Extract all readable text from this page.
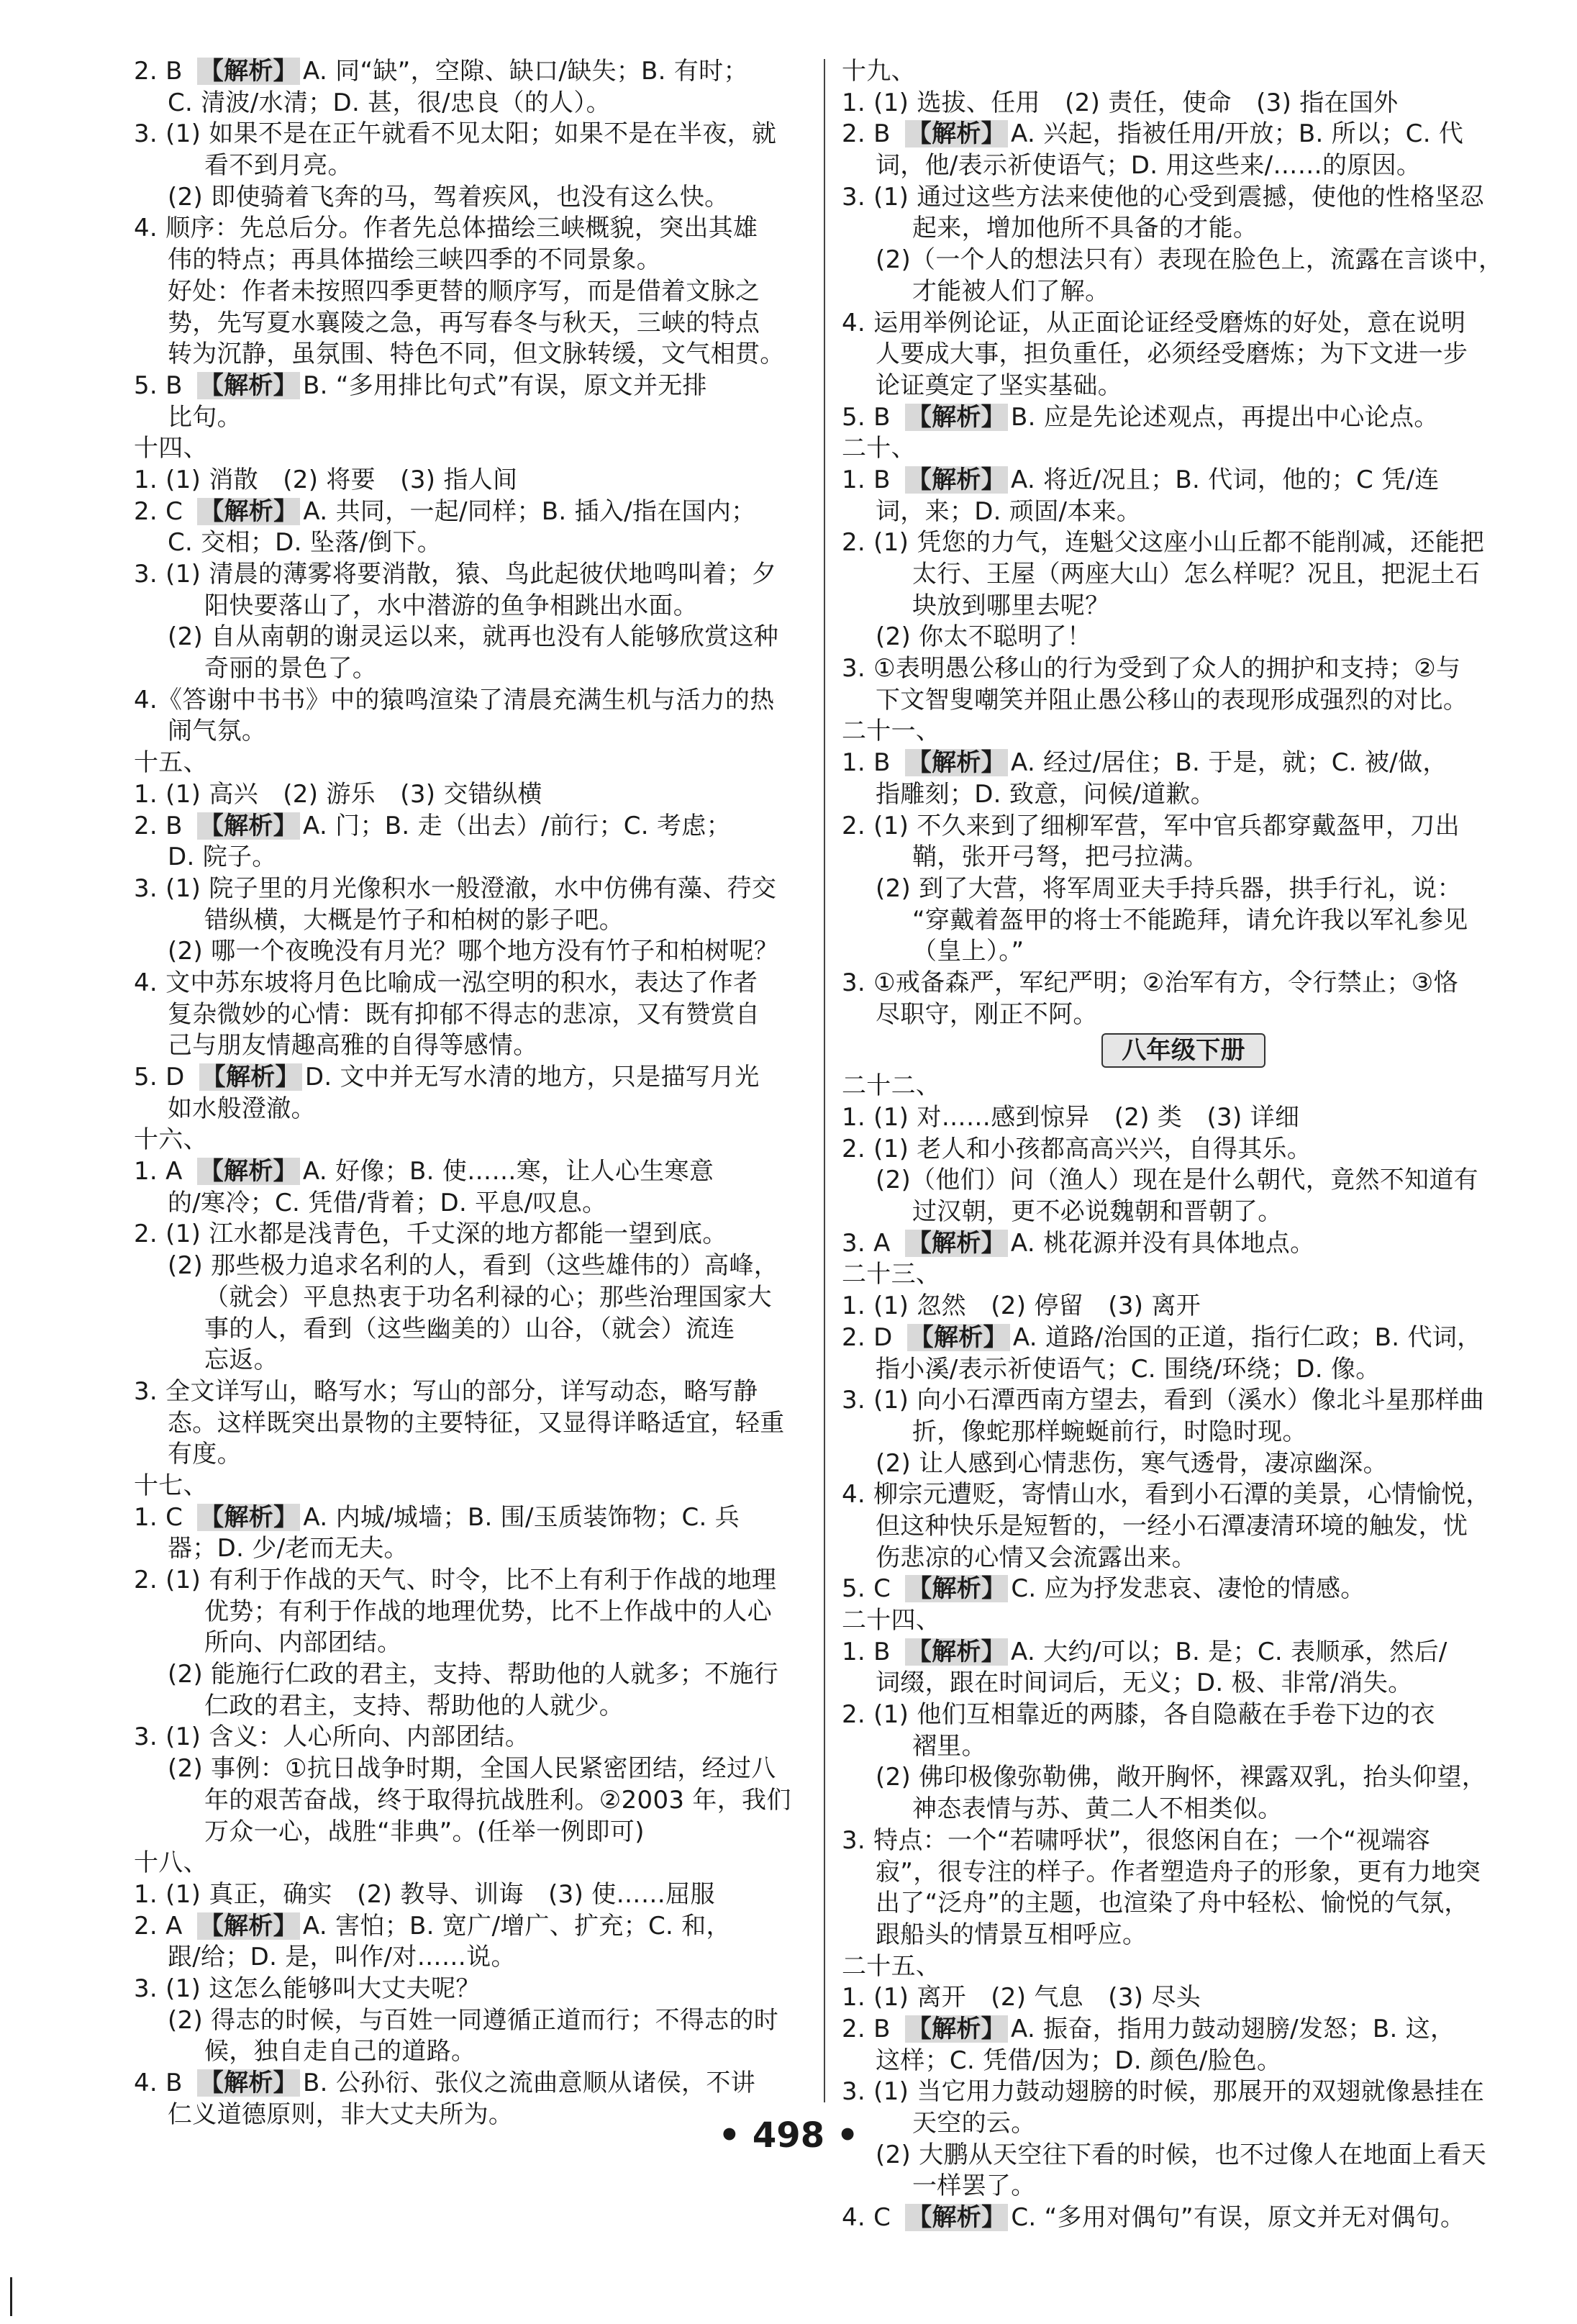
2. B 【解析】 A. 同“缺”，空隙、缺口/缺失；B. 有时；
C. 清波/水清；D. 甚，很/忠良（的人）。
3. (1) 如果不是在正午就看不见太阳；如果不是在半夜，就
看不到月亮。
(2) 即使骑着飞奔的马，驾着疾风，也没有这么快。
4. 顺序：先总后分。作者先总体描绘三峡概貌，突出其雄
伟的特点；再具体描绘三峡四季的不同景象。
好处：作者未按照四季更替的顺序写，而是借着文脉之
势，先写夏水襄陵之急，再写春冬与秋天，三峡的特点
转为沉静，虽氛围、特色不同，但文脉转缓，文气相贯。
5. B 【解析】 B. “多用排比句式”有误，原文并无排
比句。
十四、
1. (1) 消散　(2) 将要　(3) 指人间
2. C 【解析】 A. 共同，一起/同样；B. 插入/指在国内；
C. 交相；D. 坠落/倒下。
3. (1) 清晨的薄雾将要消散，猿、鸟此起彼伏地鸣叫着；夕
阳快要落山了，水中潜游的鱼争相跳出水面。
(2) 自从南朝的谢灵运以来，就再也没有人能够欣赏这种
奇丽的景色了。
4.《答谢中书书》中的猿鸣渲染了清晨充满生机与活力的热
闹气氛。
十五、
1. (1) 高兴　(2) 游乐　(3) 交错纵横
2. B 【解析】 A. 门；B. 走（出去）/前行；C. 考虑；
D. 院子。
3. (1) 院子里的月光像积水一般澄澈，水中仿佛有藻、荇交
错纵横，大概是竹子和柏树的影子吧。
(2) 哪一个夜晚没有月光？哪个地方没有竹子和柏树呢？
4. 文中苏东坡将月色比喻成一泓空明的积水，表达了作者
复杂微妙的心情：既有抑郁不得志的悲凉，又有赞赏自
己与朋友情趣高雅的自得等感情。
5. D 【解析】 D. 文中并无写水清的地方，只是描写月光
如水般澄澈。
十六、
1. A 【解析】 A. 好像；B. 使……寒，让人心生寒意
的/寒冷；C. 凭借/背着；D. 平息/叹息。
2. (1) 江水都是浅青色，千丈深的地方都能一望到底。
(2) 那些极力追求名利的人，看到（这些雄伟的）高峰，
（就会）平息热衷于功名利禄的心；那些治理国家大
事的人，看到（这些幽美的）山谷，（就会）流连
忘返。
3. 全文详写山，略写水；写山的部分，详写动态，略写静
态。这样既突出景物的主要特征，又显得详略适宜，轻重
有度。
十七、
1. C 【解析】 A. 内城/城墙；B. 围/玉质装饰物；C. 兵
器；D. 少/老而无夫。
2. (1) 有利于作战的天气、时令，比不上有利于作战的地理
优势；有利于作战的地理优势，比不上作战中的人心
所向、内部团结。
(2) 能施行仁政的君主，支持、帮助他的人就多；不施行
仁政的君主，支持、帮助他的人就少。
3. (1) 含义：人心所向、内部团结。
(2) 事例：①抗日战争时期，全国人民紧密团结，经过八
年的艰苦奋战，终于取得抗战胜利。②2003 年，我们
万众一心，战胜“非典”。(任举一例即可)
十八、
1. (1) 真正，确实　(2) 教导、训诲　(3) 使……屈服
2. A 【解析】 A. 害怕；B. 宽广/增广、扩充；C. 和，
跟/给；D. 是，叫作/对……说。
3. (1) 这怎么能够叫大丈夫呢？
(2) 得志的时候，与百姓一同遵循正道而行；不得志的时
候，独自走自己的道路。
4. B 【解析】 B. 公孙衍、张仪之流曲意顺从诸侯，不讲
仁义道德原则，非大丈夫所为。
十九、
1. (1) 选拔、任用　(2) 责任，使命　(3) 指在国外
2. B 【解析】 A. 兴起，指被任用/开放；B. 所以；C. 代
词，他/表示祈使语气；D. 用这些来/……的原因。
3. (1) 通过这些方法来使他的心受到震撼，使他的性格坚忍
起来，增加他所不具备的才能。
(2)（一个人的想法只有）表现在脸色上，流露在言谈中，
才能被人们了解。
4. 运用举例论证，从正面论证经受磨炼的好处，意在说明
人要成大事，担负重任，必须经受磨炼；为下文进一步
论证奠定了坚实基础。
5. B 【解析】 B. 应是先论述观点，再提出中心论点。
二十、
1. B 【解析】 A. 将近/况且；B. 代词，他的；C 凭/连
词，来；D. 顽固/本来。
2. (1) 凭您的力气，连魁父这座小山丘都不能削减，还能把
太行、王屋（两座大山）怎么样呢？况且，把泥土石
块放到哪里去呢？
(2) 你太不聪明了！
3. ①表明愚公移山的行为受到了众人的拥护和支持；②与
下文智叟嘲笑并阻止愚公移山的表现形成强烈的对比。
二十一、
1. B 【解析】 A. 经过/居住；B. 于是，就；C. 被/做，
指雕刻；D. 致意，问候/道歉。
2. (1) 不久来到了细柳军营，军中官兵都穿戴盔甲，刀出
鞘，张开弓弩，把弓拉满。
(2) 到了大营，将军周亚夫手持兵器，拱手行礼，说：
“穿戴着盔甲的将士不能跪拜，请允许我以军礼参见
（皇上）。”
3. ①戒备森严，军纪严明；②治军有方，令行禁止；③恪
尽职守，刚正不阿。
八年级下册
二十二、
1. (1) 对……感到惊异　(2) 类　(3) 详细
2. (1) 老人和小孩都高高兴兴，自得其乐。
(2)（他们）问（渔人）现在是什么朝代，竟然不知道有
过汉朝，更不必说魏朝和晋朝了。
3. A 【解析】 A. 桃花源并没有具体地点。
二十三、
1. (1) 忽然　(2) 停留　(3) 离开
2. D 【解析】 A. 道路/治国的正道，指行仁政；B. 代词，
指小溪/表示祈使语气；C. 围绕/环绕；D. 像。
3. (1) 向小石潭西南方望去，看到（溪水）像北斗星那样曲
折，像蛇那样蜿蜒前行，时隐时现。
(2) 让人感到心情悲伤，寒气透骨，凄凉幽深。
4. 柳宗元遭贬，寄情山水，看到小石潭的美景，心情愉悦，
但这种快乐是短暂的，一经小石潭凄清环境的触发，忧
伤悲凉的心情又会流露出来。
5. C 【解析】 C. 应为抒发悲哀、凄怆的情感。
二十四、
1. B 【解析】 A. 大约/可以；B. 是；C. 表顺承，然后/
词缀，跟在时间词后，无义；D. 极、非常/消失。
2. (1) 他们互相靠近的两膝，各自隐蔽在手卷下边的衣
褶里。
(2) 佛印极像弥勒佛，敞开胸怀，裸露双乳，抬头仰望，
神态表情与苏、黄二人不相类似。
3. 特点：一个“若啸呼状”，很悠闲自在；一个“视端容
寂”，很专注的样子。作者塑造舟子的形象，更有力地突
出了“泛舟”的主题，也渲染了舟中轻松、愉悦的气氛，
跟船头的情景互相呼应。
二十五、
1. (1) 离开　(2) 气息　(3) 尽头
2. B 【解析】 A. 振奋，指用力鼓动翅膀/发怒；B. 这，
这样；C. 凭借/因为；D. 颜色/脸色。
3. (1) 当它用力鼓动翅膀的时候，那展开的双翅就像悬挂在
天空的云。
(2) 大鹏从天空往下看的时候，也不过像人在地面上看天
一样罢了。
4. C 【解析】 C. “多用对偶句”有误，原文并无对偶句。
• 498 •
